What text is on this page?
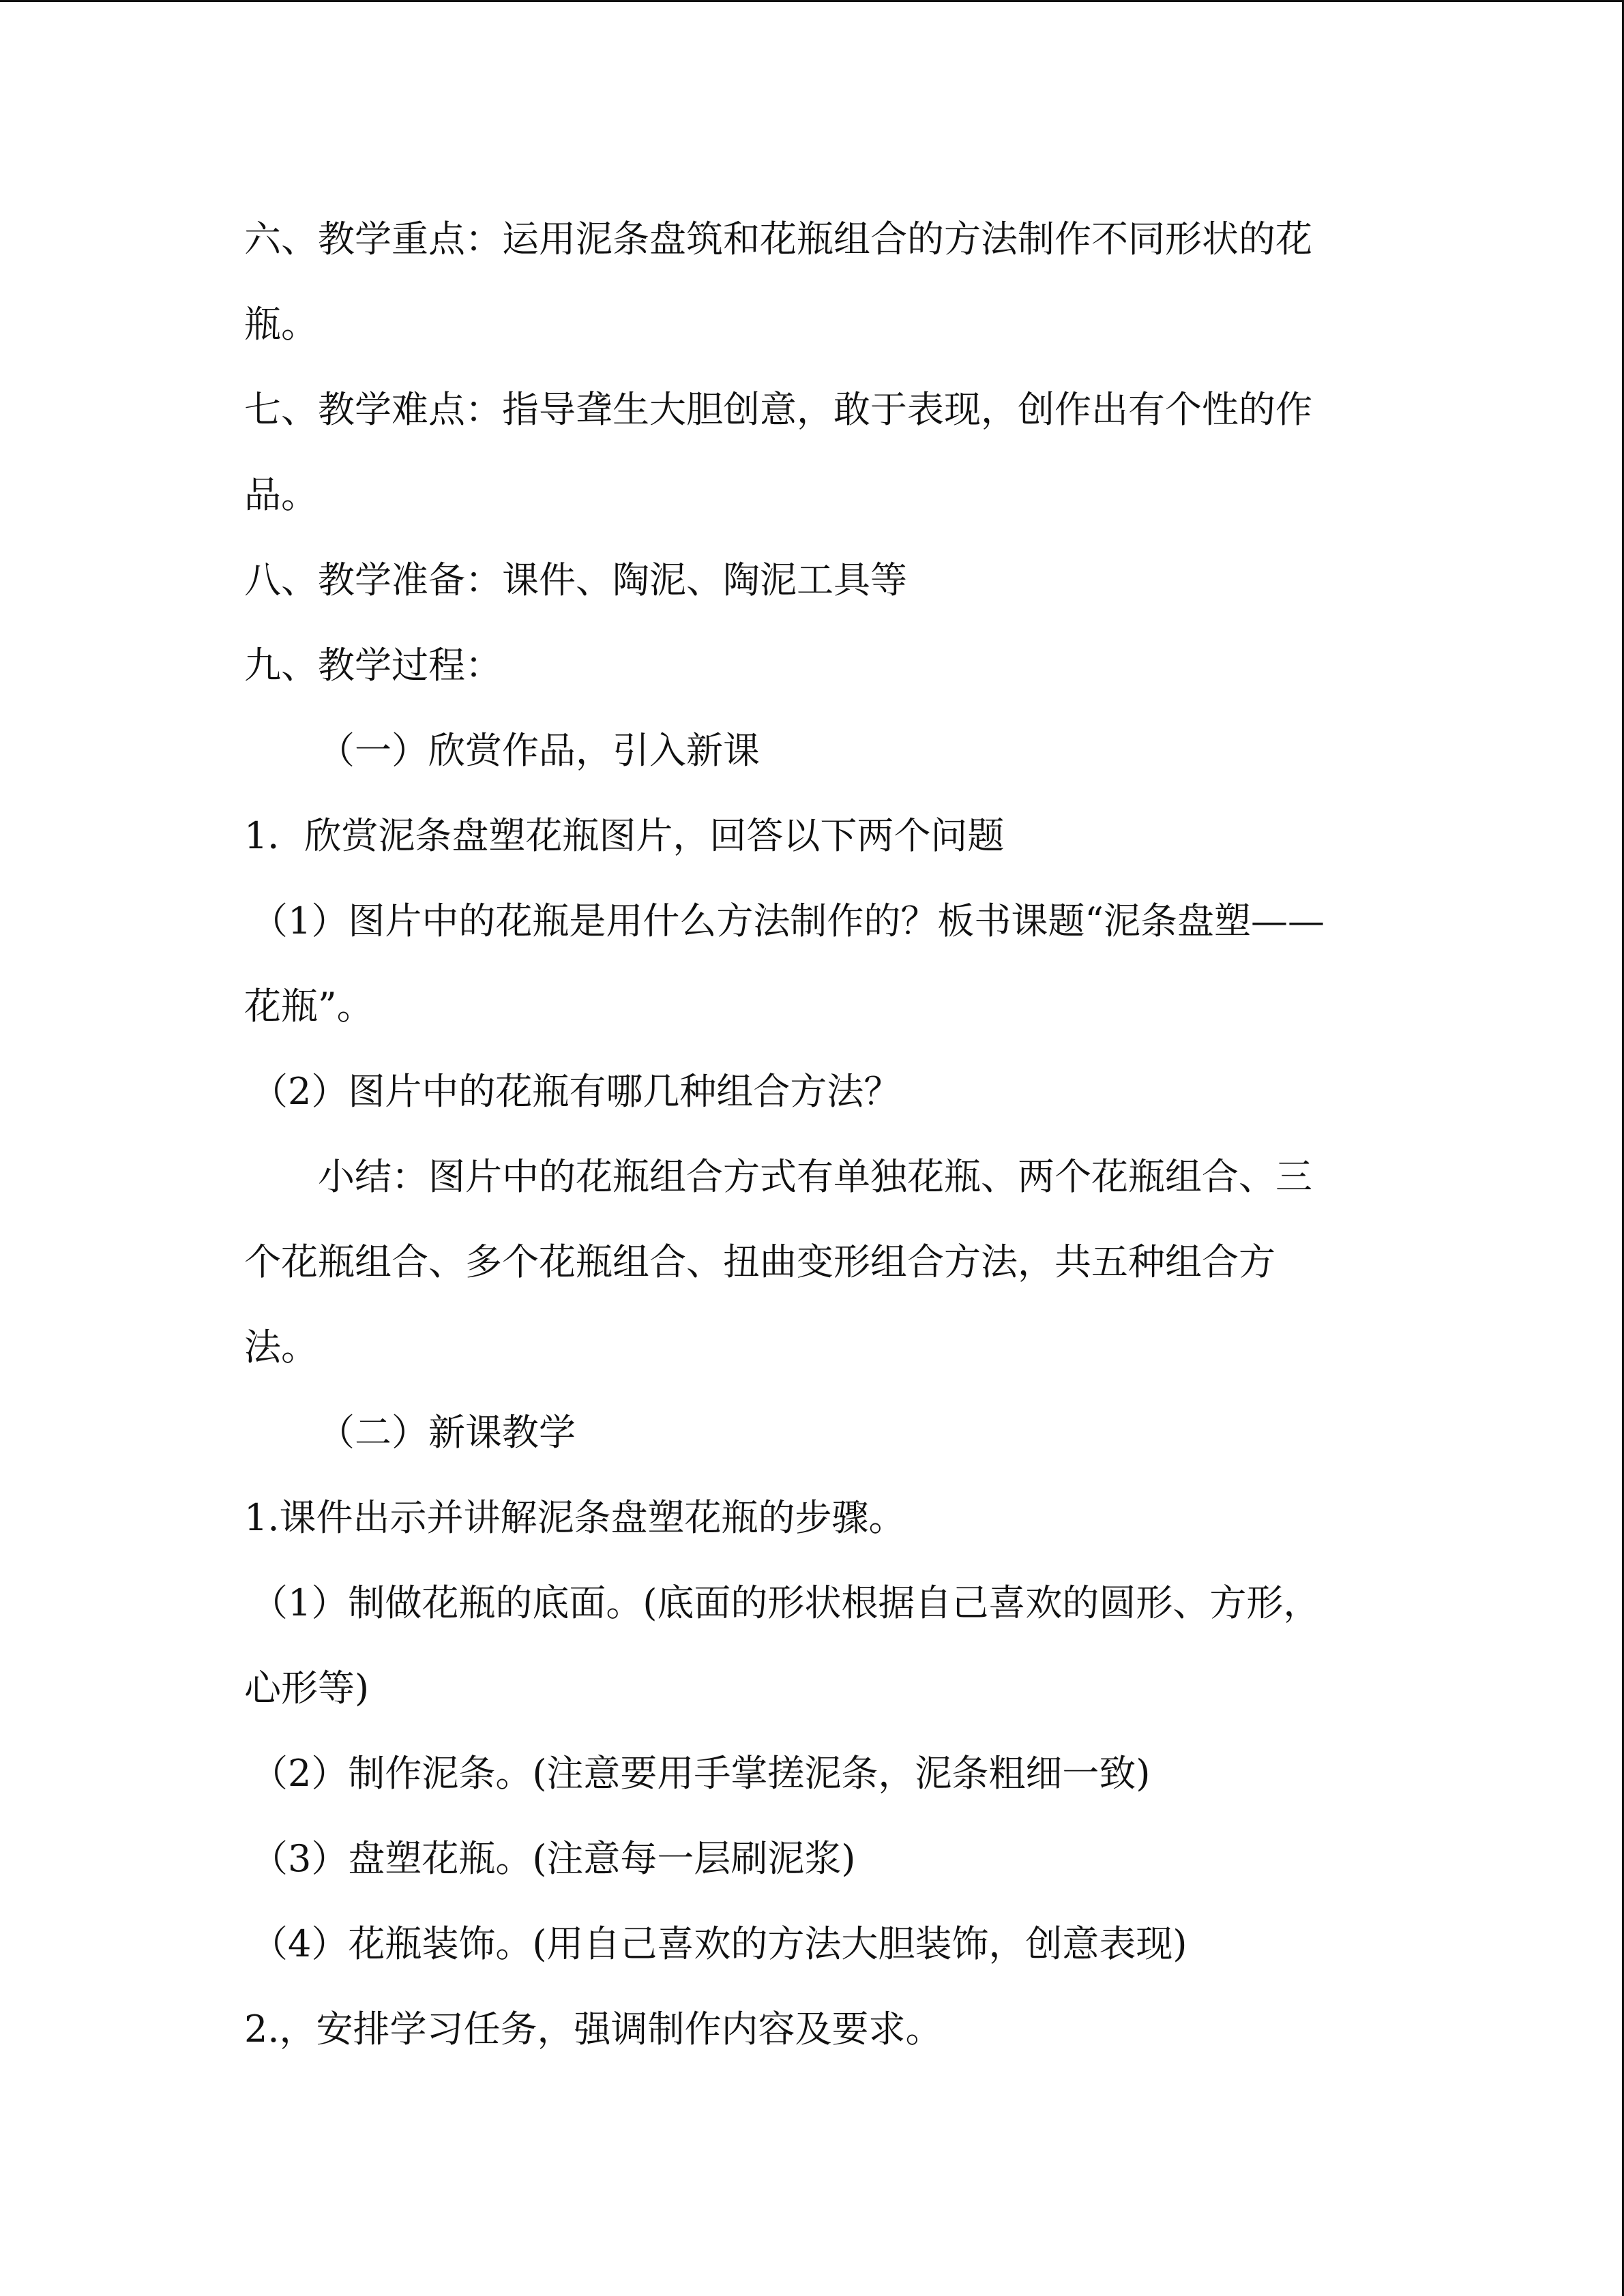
六、教学重点：运用泥条盘筑和花瓶组合的方法制作不同形状的花
瓶。
七、教学难点：指导聋生大胆创意，敢于表现，创作出有个性的作
品。
八、教学准备：课件、陶泥、陶泥工具等
九、教学过程：
（一）欣赏作品，引入新课
1．欣赏泥条盘塑花瓶图片，回答以下两个问题
（1）图片中的花瓶是用什么方法制作的？板书课题“泥条盘塑——
花瓶”。
（2）图片中的花瓶有哪几种组合方法？
小结：图片中的花瓶组合方式有单独花瓶、两个花瓶组合、三
个花瓶组合、多个花瓶组合、扭曲变形组合方法，共五种组合方
法。
（二）新课教学
1.课件出示并讲解泥条盘塑花瓶的步骤。
（1）制做花瓶的底面。(底面的形状根据自己喜欢的圆形、方形，
心形等)
（2）制作泥条。(注意要用手掌搓泥条，泥条粗细一致)
（3）盘塑花瓶。(注意每一层刷泥浆)
（4）花瓶装饰。(用自己喜欢的方法大胆装饰，创意表现)
2.，安排学习任务，强调制作内容及要求。
